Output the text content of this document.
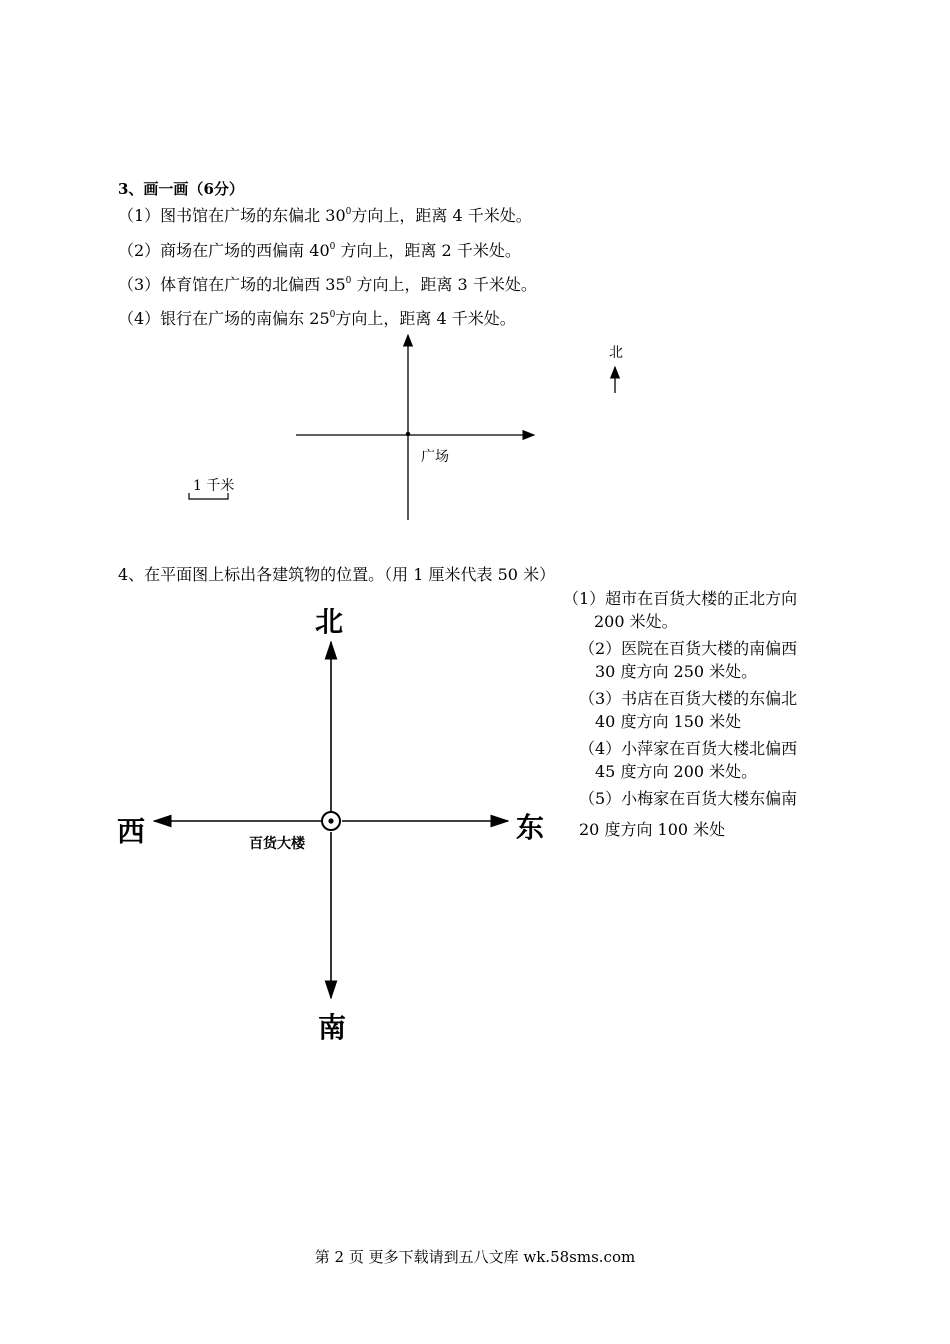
3、画一画（6分）
（1）图书馆在广场的东偏北 $30^0$方向上，距离 4 千米处。
（2）商场在广场的西偏南 $40^0$ 方向上，距离 2 千米处。
（3）体育馆在广场的北偏西 $35^0$ 方向上，距离 3 千米处。
（4）银行在广场的南偏东 $25^0$方向上，距离 4 千米处。
北
广场
1 千米
4、在平面图上标出各建筑物的位置。（用 1 厘米代表 50 米）
北
南
东
西	百货大楼
（1）超市在百货大楼的正北方向
200 米处。
（2）医院在百货大楼的南偏西
30 度方向 250 米处。
（3）书店在百货大楼的东偏北
40 度方向 150 米处
（4）小萍家在百货大楼北偏西
45 度方向 200 米处。
（5）小梅家在百货大楼东偏南
20 度方向 100 米处
第 2 页 更多下载请到五八文库 wk.58sms.com
